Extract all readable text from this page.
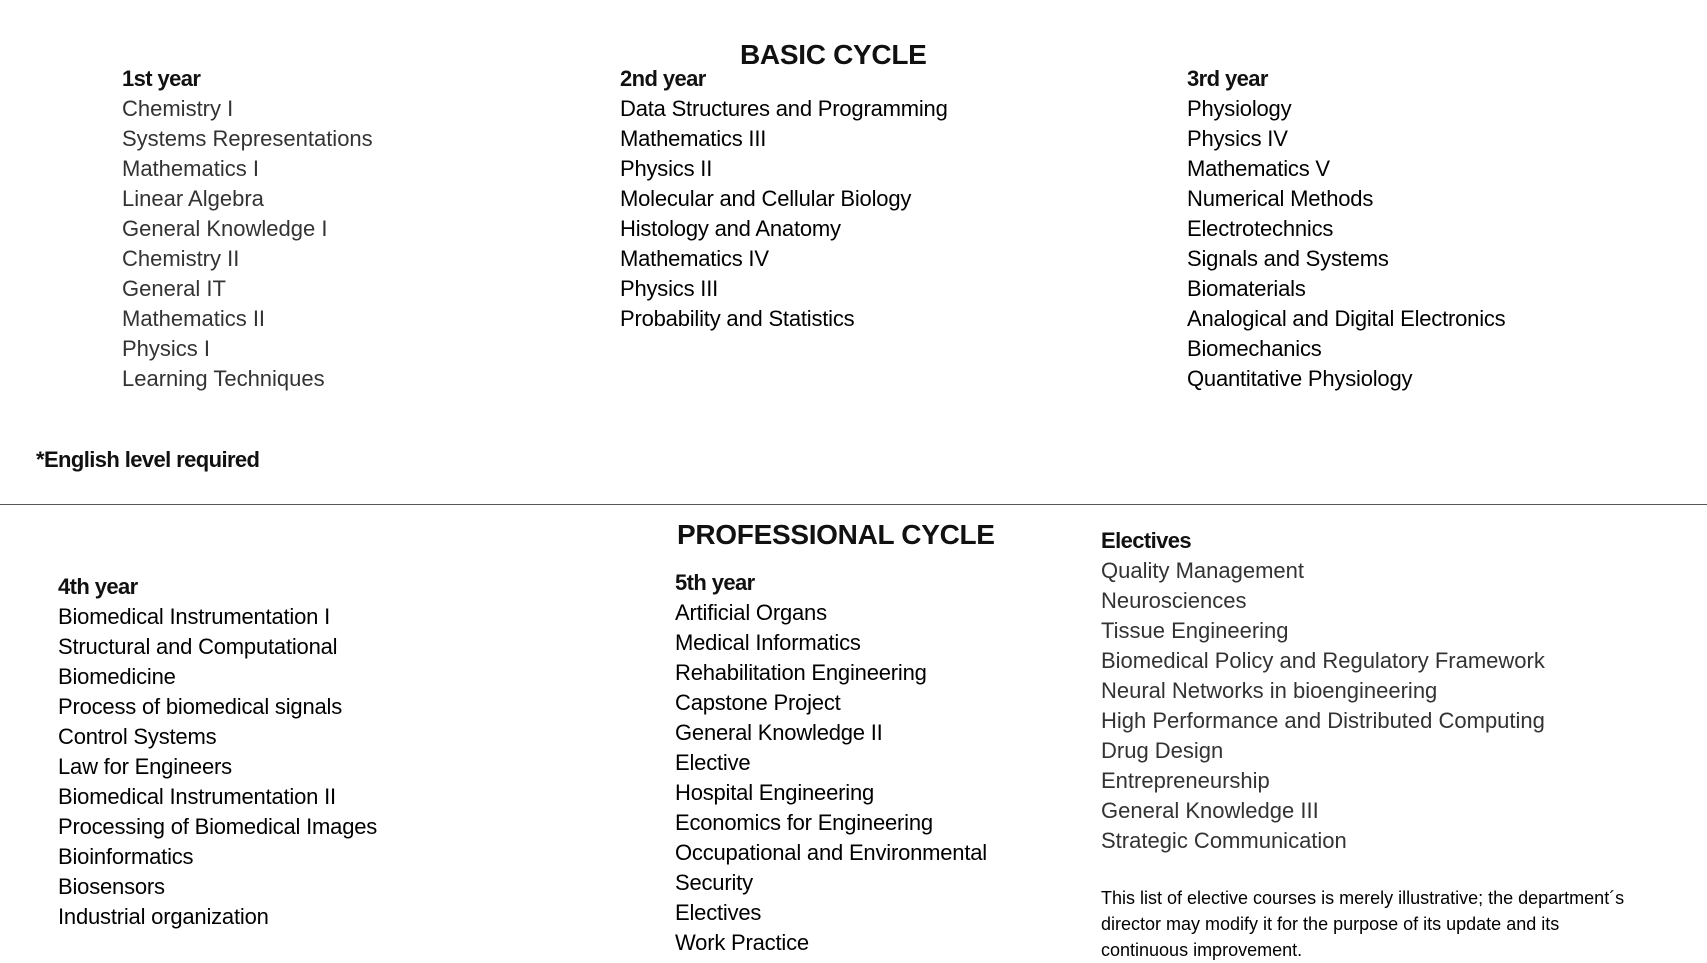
BASIC CYCLE
1st year
Chemistry I
Systems Representations
Mathematics I
Linear Algebra
General Knowledge I
Chemistry II
General IT
Mathematics II
Physics I
Learning Techniques
2nd year
Data Structures and Programming
Mathematics III
Physics II
Molecular and Cellular Biology
Histology and Anatomy
Mathematics IV
Physics III
Probability and Statistics
3rd year
Physiology
Physics IV
Mathematics V
Numerical Methods
Electrotechnics
Signals and Systems
Biomaterials
Analogical and Digital Electronics
Biomechanics
Quantitative Physiology
*English level required
PROFESSIONAL CYCLE
4th year
Biomedical Instrumentation I
Structural and Computational
Biomedicine
Process of biomedical signals
Control Systems
Law for Engineers
Biomedical Instrumentation II
Processing of Biomedical Images
Bioinformatics
Biosensors
Industrial organization
5th year
Artificial Organs
Medical Informatics
Rehabilitation Engineering
Capstone Project
General Knowledge II
Elective
Hospital Engineering
Economics for Engineering
Occupational and Environmental
Security
Electives
Work Practice
Electives
Quality Management
Neurosciences
Tissue Engineering
Biomedical Policy and Regulatory Framework
Neural Networks in bioengineering
High Performance and Distributed Computing
Drug Design
Entrepreneurship
General Knowledge III
Strategic Communication
This list of elective courses is merely illustrative; the department´s director may modify it for the purpose of its update and its continuous improvement.
